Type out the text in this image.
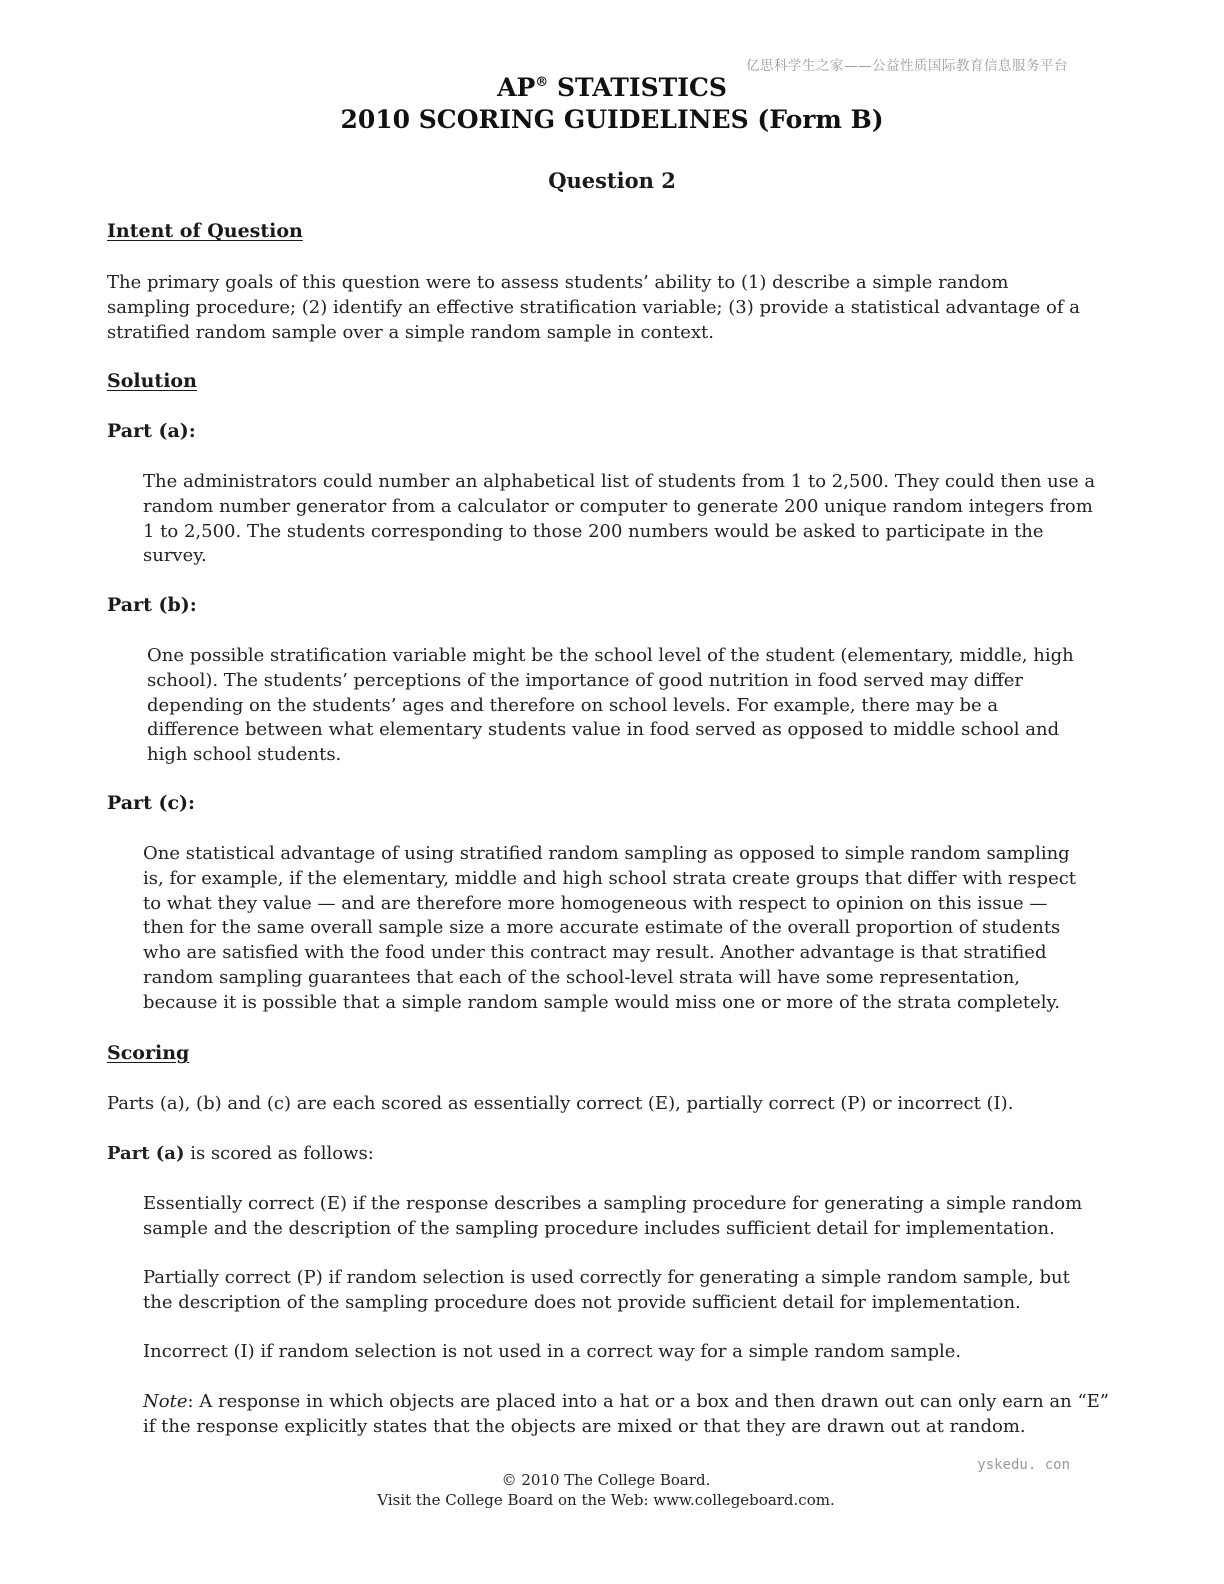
亿思科学生之家——公益性质国际教育信息服务平台
AP® STATISTICS
2010 SCORING GUIDELINES (Form B)
Question 2
Intent of Question
The primary goals of this question were to assess students’ ability to (1) describe a simple random
sampling procedure; (2) identify an effective stratification variable; (3) provide a statistical advantage of a
stratified random sample over a simple random sample in context.
Solution
Part (a):
The administrators could number an alphabetical list of students from 1 to 2,500. They could then use a
random number generator from a calculator or computer to generate 200 unique random integers from
1 to 2,500. The students corresponding to those 200 numbers would be asked to participate in the
survey.
Part (b):
One possible stratification variable might be the school level of the student (elementary, middle, high
school). The students’ perceptions of the importance of good nutrition in food served may differ
depending on the students’ ages and therefore on school levels. For example, there may be a
difference between what elementary students value in food served as opposed to middle school and
high school students.
Part (c):
One statistical advantage of using stratified random sampling as opposed to simple random sampling
is, for example, if the elementary, middle and high school strata create groups that differ with respect
to what they value — and are therefore more homogeneous with respect to opinion on this issue —
then for the same overall sample size a more accurate estimate of the overall proportion of students
who are satisfied with the food under this contract may result. Another advantage is that stratified
random sampling guarantees that each of the school-level strata will have some representation,
because it is possible that a simple random sample would miss one or more of the strata completely.
Scoring
Parts (a), (b) and (c) are each scored as essentially correct (E), partially correct (P) or incorrect (I).
Part (a) is scored as follows:
Essentially correct (E) if the response describes a sampling procedure for generating a simple random
sample and the description of the sampling procedure includes sufficient detail for implementation.
Partially correct (P) if random selection is used correctly for generating a simple random sample, but
the description of the sampling procedure does not provide sufficient detail for implementation.
Incorrect (I) if random selection is not used in a correct way for a simple random sample.
Note: A response in which objects are placed into a hat or a box and then drawn out can only earn an “E”
if the response explicitly states that the objects are mixed or that they are drawn out at random.
yskedu. con
© 2010 The College Board.
Visit the College Board on the Web: www.collegeboard.com.
